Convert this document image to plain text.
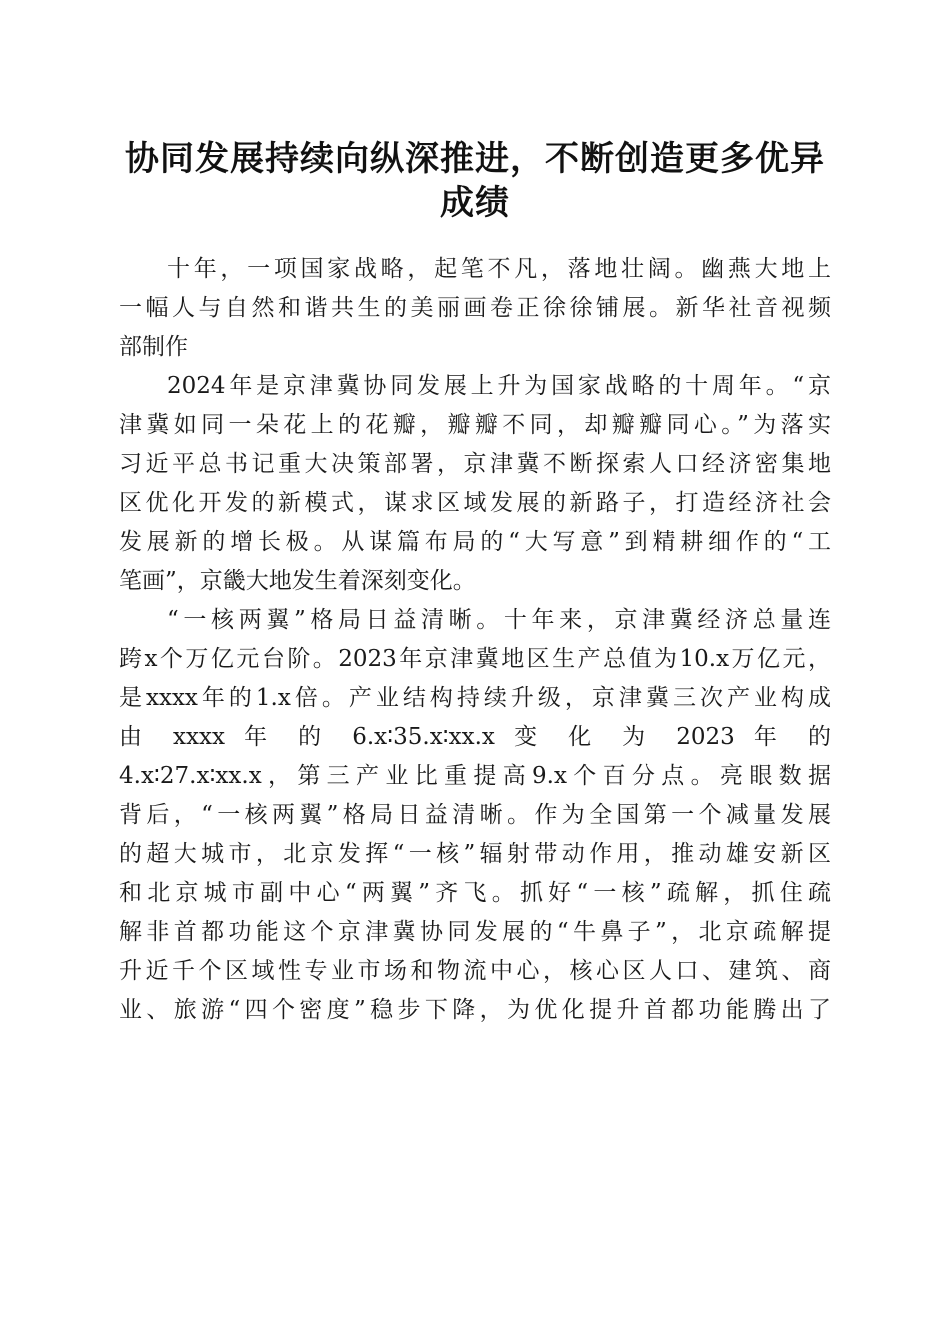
协同发展持续向纵深推进，不断创造更多优异
成绩
十年，一项国家战略，起笔不凡，落地壮阔。幽燕大地上
一幅人与自然和谐共生的美丽画卷正徐徐铺展。新华社音视频
部制作
2024年是京津冀协同发展上升为国家战略的十周年。“京
津冀如同一朵花上的花瓣，瓣瓣不同，却瓣瓣同心。”为落实
习近平总书记重大决策部署，京津冀不断探索人口经济密集地
区优化开发的新模式，谋求区域发展的新路子，打造经济社会
发展新的增长极。从谋篇布局的“大写意”到精耕细作的“工
笔画”，京畿大地发生着深刻变化。
“一核两翼”格局日益清晰。十年来，京津冀经济总量连
跨x个万亿元台阶。2023年京津冀地区生产总值为10.x万亿元，
是xxxx年的1.x倍。产业结构持续升级，京津冀三次产业构成
由 xxxx 年 的 6.x∶35.x∶xx.x 变 化 为 2023 年 的
4.x∶27.x∶xx.x，第三产业比重提高9.x个百分点。亮眼数据
背后，“一核两翼”格局日益清晰。作为全国第一个减量发展
的超大城市，北京发挥“一核”辐射带动作用，推动雄安新区
和北京城市副中心“两翼”齐飞。抓好“一核”疏解，抓住疏
解非首都功能这个京津冀协同发展的“牛鼻子”，北京疏解提
升近千个区域性专业市场和物流中心，核心区人口、建筑、商
业、旅游“四个密度”稳步下降，为优化提升首都功能腾出了
